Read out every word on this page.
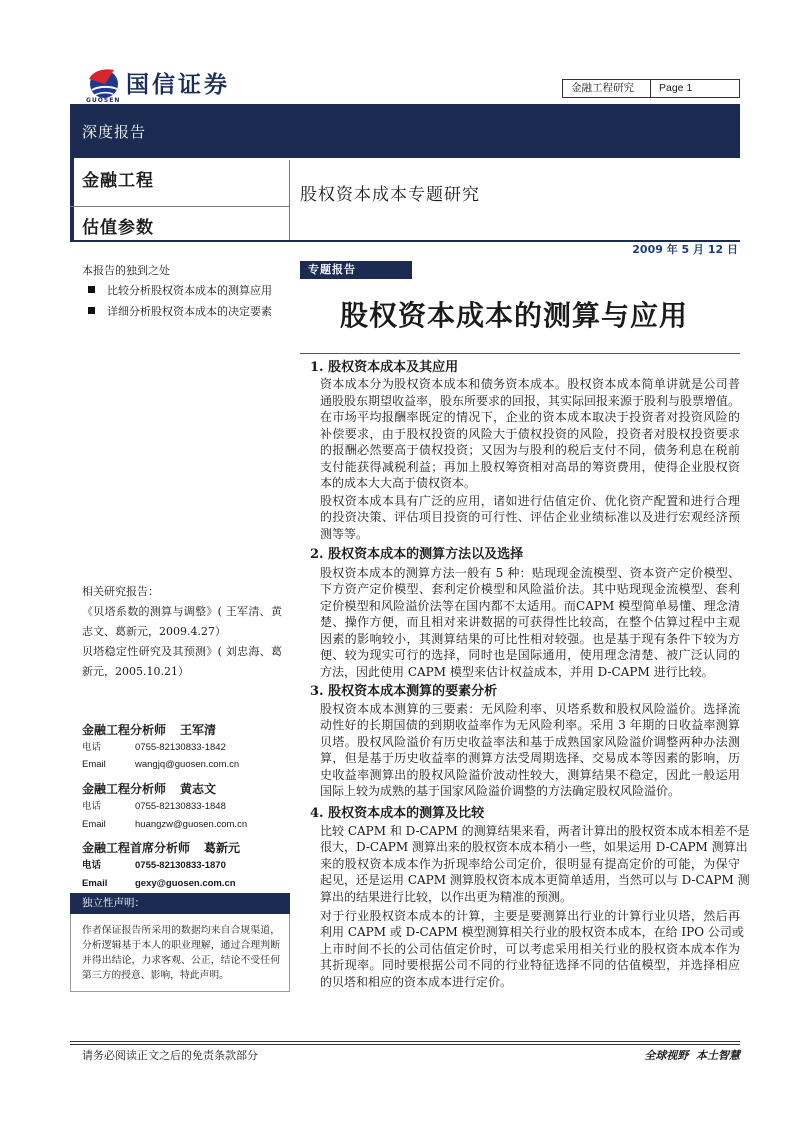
GUOSEN
国信证券	金融工程研究	Page 1
深度报告
金融工程
估值参数
股权资本成本专题研究
2009 年 5 月 12 日
本报告的独到之处
比较分析股权资本成本的测算应用
详细分析股权资本成本的决定要素
相关研究报告：
《贝塔系数的测算与调整》( 王军清、黄
志文、葛新元，2009.4.27）
贝塔稳定性研究及其预测》( 刘忠海、葛
新元，2005.10.21）
金融工程分析师 王军清
电话	0755-82130833-1842
Email	wangjq@guosen.com.cn
金融工程分析师 黄志文
电话	0755-82130833-1848
Email	huangzw@guosen.com.cn
金融工程首席分析师 葛新元
电话	0755-82130833-1870
Email	gexy@guosen.com.cn
独立性声明：
作者保证报告所采用的数据均来自合规渠道，
分析逻辑基于本人的职业理解，通过合理判断
并得出结论，力求客观、公正，结论不受任何
第三方的授意、影响，特此声明。
专题报告
股权资本成本的测算与应用
1. 股权资本成本及其应用
资本成本分为股权资本成本和债务资本成本。股权资本成本简单讲就是公司普
通股股东期望收益率，股东所要求的回报，其实际回报来源于股利与股票增值。
在市场平均报酬率既定的情况下，企业的资本成本取决于投资者对投资风险的
补偿要求，由于股权投资的风险大于债权投资的风险，投资者对股权投资要求
的报酬必然要高于债权投资；又因为与股利的税后支付不同，债务利息在税前
支付能获得减税利益；再加上股权筹资相对高昂的筹资费用，使得企业股权资
本的成本大大高于债权资本。
股权资本成本具有广泛的应用，诸如进行估值定价、优化资产配置和进行合理
的投资决策、评估项目投资的可行性、评估企业业绩标准以及进行宏观经济预
测等等。
2. 股权资本成本的测算方法以及选择
股权资本成本的测算方法一般有 5 种：贴现现金流模型、资本资产定价模型、
下方资产定价模型、套利定价模型和风险溢价法。其中贴现现金流模型、套利
定价模型和风险溢价法等在国内都不太适用。而CAPM 模型简单易懂、理念清
楚、操作方便，而且相对来讲数据的可获得性比较高，在整个估算过程中主观
因素的影响较小，其测算结果的可比性相对较强。也是基于现有条件下较为方
便、较为现实可行的选择，同时也是国际通用，使用理念清楚、被广泛认同的
方法，因此使用 CAPM 模型来估计权益成本，并用 D-CAPM 进行比较。
3. 股权资本成本测算的要素分析
股权资本成本测算的三要素：无风险利率、贝塔系数和股权风险溢价。选择流
动性好的长期国债的到期收益率作为无风险利率。采用 3 年期的日收益率测算
贝塔。股权风险溢价有历史收益率法和基于成熟国家风险溢价调整两种办法测
算，但是基于历史收益率的测算方法受周期选择、交易成本等因素的影响，历
史收益率测算出的股权风险溢价波动性较大，测算结果不稳定，因此一般运用
国际上较为成熟的基于国家风险溢价调整的方法确定股权风险溢价。
4. 股权资本成本的测算及比较
比较 CAPM 和 D-CAPM 的测算结果来看，两者计算出的股权资本成本相差不是
很大，D-CAPM 测算出来的股权资本成本稍小一些，如果运用 D-CAPM 测算出
来的股权资本成本作为折现率给公司定价，很明显有提高定价的可能，为保守
起见，还是运用 CAPM 测算股权资本成本更简单适用，当然可以与 D-CAPM 测
算出的结果进行比较，以作出更为精准的预测。
对于行业股权资本成本的计算，主要是要测算出行业的计算行业贝塔，然后再
利用 CAPM 或 D-CAPM 模型测算相关行业的股权资本成本，在给 IPO 公司或
上市时间不长的公司估值定价时，可以考虑采用相关行业的股权资本成本作为
其折现率。同时要根据公司不同的行业特征选择不同的估值模型，并选择相应
的贝塔和相应的资本成本进行定价。
请务必阅读正文之后的免责条款部分	全球视野  本土智慧
